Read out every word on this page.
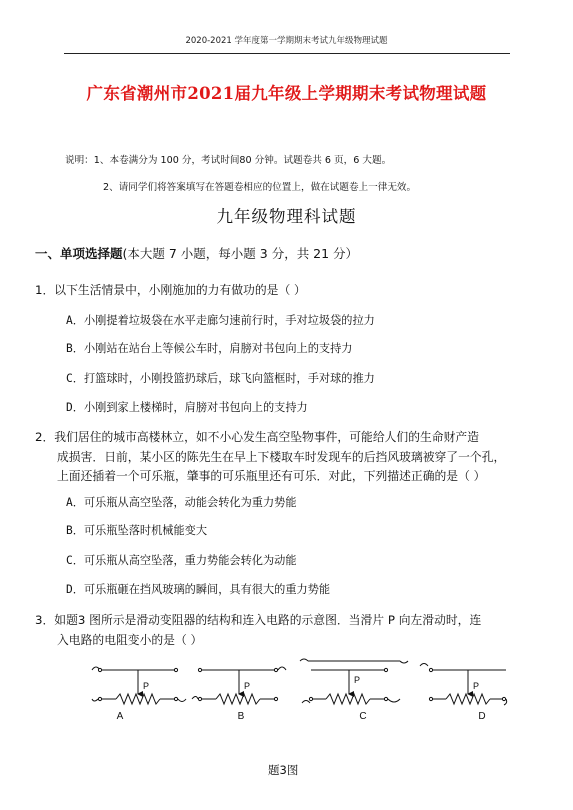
2020-2021 学年度第一学期期末考试九年级物理试题
广东省潮州市2021届九年级上学期期末考试物理试题
说明：1、本卷满分为 100 分，考试时间80 分钟。试题卷共 6 页，6 大题。
2、请同学们将答案填写在答题卷相应的位置上，做在试题卷上一律无效。
九年级物理科试题
一、单项选择题(本大题 7 小题，每小题 3 分，共 21 分）
1．以下生活情景中，小刚施加的力有做功的是（ ）
A．小刚提着垃圾袋在水平走廊匀速前行时，手对垃圾袋的拉力
B．小刚站在站台上等候公车时，肩膀对书包向上的支持力
C．打篮球时，小刚投篮扔球后，球飞向篮框时，手对球的推力
D．小刚到家上楼梯时，肩膀对书包向上的支持力
2．我们居住的城市高楼林立，如不小心发生高空坠物事件，可能给人们的生命财产造
成损害．日前，某小区的陈先生在早上下楼取车时发现车的后挡风玻璃被穿了一个孔，
上面还插着一个可乐瓶，肇事的可乐瓶里还有可乐．对此，下列描述正确的是（ ）
A．可乐瓶从高空坠落，动能会转化为重力势能
B．可乐瓶坠落时机械能变大
C．可乐瓶从高空坠落，重力势能会转化为动能
D．可乐瓶砸在挡风玻璃的瞬间，具有很大的重力势能
3．如题3 图所示是滑动变阻器的结构和连入电路的示意图．当滑片 P 向左滑动时，连
入电路的电阻变小的是（ ）
P	P
P
P
A	B	C	D
题3图
